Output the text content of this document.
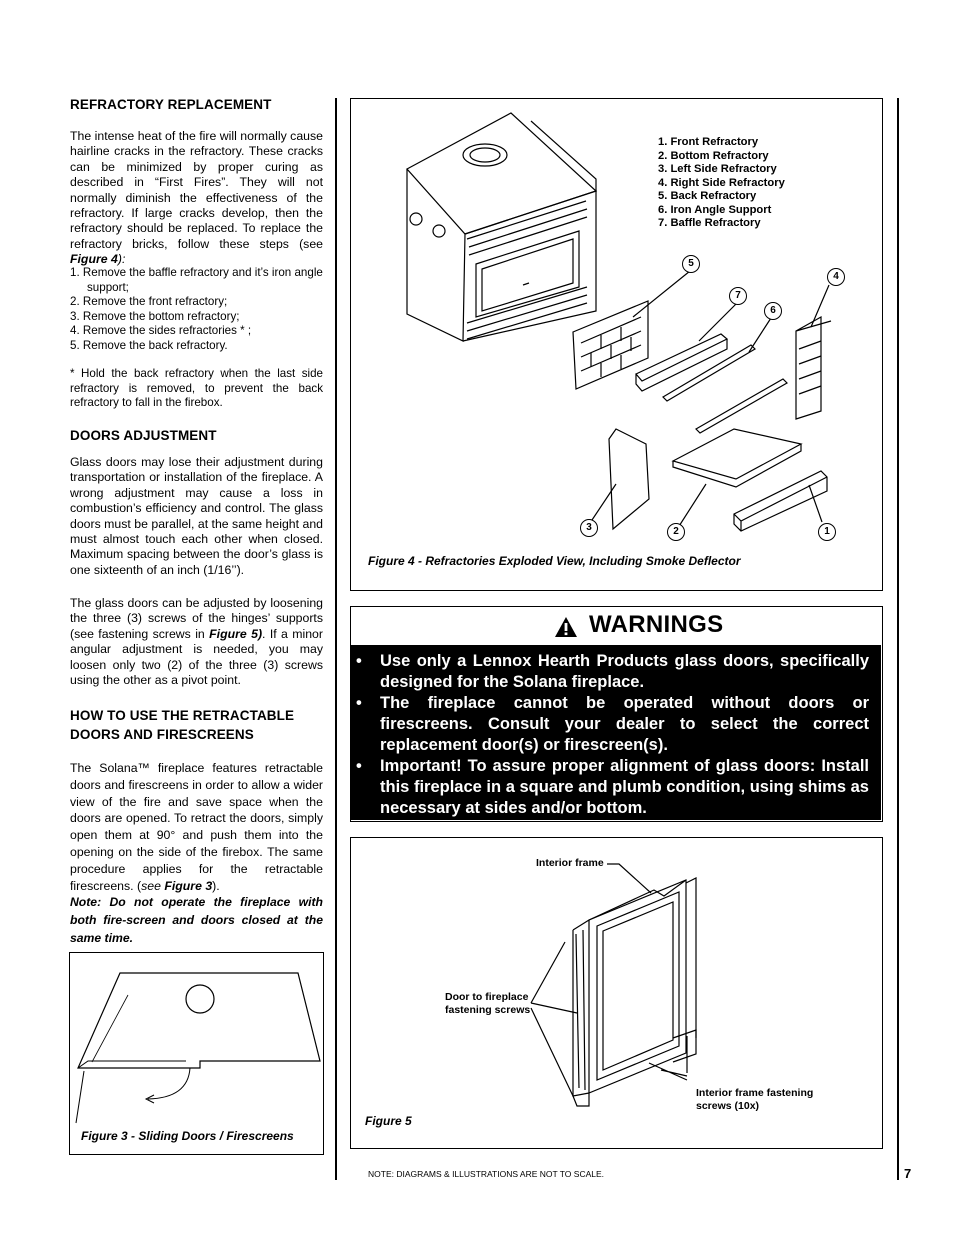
REFRACTORY REPLACEMENT
The intense heat of the fire will normally cause hairline cracks in the refractory. These cracks can be minimized by proper curing as described in “First Fires”. They will not normally diminish the effectiveness of the refractory. If large cracks develop, then the refractory should be replaced. To replace the refractory bricks, follow these steps (see Figure 4):
1. Remove the baffle refractory and it’s iron angle support;
2. Remove the front refractory;
3. Remove the bottom refractory;
4. Remove the sides refractories * ;
5. Remove the back refractory.
* Hold the back refractory when the last side refractory is removed, to prevent the back refractory to fall in the firebox.
DOORS ADJUSTMENT
Glass doors may lose their adjustment during transportation or installation of the fireplace. A wrong adjustment may cause a loss in combustion’s efficiency and control. The glass doors must be parallel, at the same height and must almost touch each other when closed. Maximum spacing between the door’s glass is one sixteenth of an inch (1/16’’).
The glass doors can be adjusted by loosening the three (3) screws of the hinges’ supports (see fastening screws in Figure 5). If a minor angular adjustment is needed, you may loosen only two (2) of the three (3) screws using the other as a pivot point.
HOW TO USE THE RETRACTABLE DOORS AND FIRESCREENS
The Solana™ fireplace features retractable doors and firescreens in order to allow a wider view of the fire and save space when the doors are opened. To retract the doors, simply open them at 90° and push them into the opening on the side of the firebox. The same procedure applies for the retractable firescreens. (see Figure 3).
Note: Do not operate the fireplace with both fire-screen and doors closed at the same time.
Figure 3 - Sliding Doors / Firescreens
1. Front Refractory
2. Bottom Refractory
3. Left Side Refractory
4. Right Side Refractory
5. Back Refractory
6. Iron Angle Support
7. Baffle Refractory
1
2
3
4
5
6
7
Figure 4 - Refractories Exploded View, Including Smoke Deflector
WARNINGS
• Use only a Lennox Hearth Products glass doors, specifically designed for the Solana fireplace.
• The fireplace cannot be operated without doors or firescreens. Consult your dealer to select the correct replacement door(s) or firescreen(s).
• Important! To assure proper alignment of glass doors: Install this fireplace in a square and plumb condition, using shims as necessary at sides and/or bottom.
Interior frame
Door to fireplace fastening screws
Interior frame fastening screws (10x)
Figure 5
NOTE: DIAGRAMS & ILLUSTRATIONS ARE NOT TO SCALE.	7
